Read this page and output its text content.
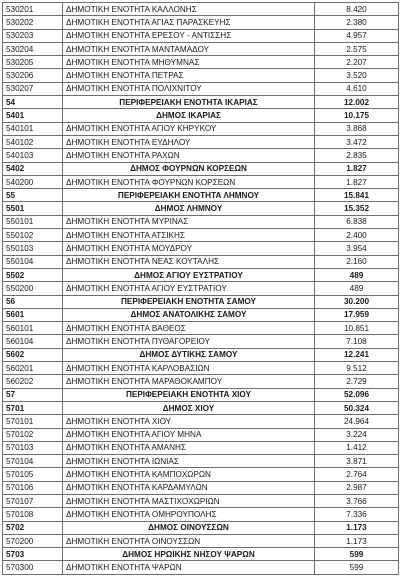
530201	ΔΗΜΟΤΙΚΗ ΕΝΟΤΗΤΑ ΚΑΛΛΟΝΗΣ	8.420
530202	ΔΗΜΟΤΙΚΗ ΕΝΟΤΗΤΑ ΑΓΙΑΣ ΠΑΡΑΣΚΕΥΗΣ	2.380
530203	ΔΗΜΟΤΙΚΗ ΕΝΟΤΗΤΑ ΕΡΕΣΟΥ - ΑΝΤΙΣΣΗΣ	4.957
530204	ΔΗΜΟΤΙΚΗ ΕΝΟΤΗΤΑ ΜΑΝΤΑΜΑΔΟΥ	2.575
530205	ΔΗΜΟΤΙΚΗ ΕΝΟΤΗΤΑ ΜΗΘΥΜΝΑΣ	2.207
530206	ΔΗΜΟΤΙΚΗ ΕΝΟΤΗΤΑ ΠΕΤΡΑΣ	3.520
530207	ΔΗΜΟΤΙΚΗ ΕΝΟΤΗΤΑ ΠΟΛΙΧΝΙΤΟΥ	4.610
54	ΠΕΡΙΦΕΡΕΙΑΚΗ ΕΝΟΤΗΤΑ ΙΚΑΡΙΑΣ	12.002
5401	ΔΗΜΟΣ ΙΚΑΡΙΑΣ	10.175
540101	ΔΗΜΟΤΙΚΗ ΕΝΟΤΗΤΑ ΑΓΙΟΥ ΚΗΡΥΚΟΥ	3.868
540102	ΔΗΜΟΤΙΚΗ ΕΝΟΤΗΤΑ ΕΥΔΗΛΟΥ	3.472
540103	ΔΗΜΟΤΙΚΗ ΕΝΟΤΗΤΑ ΡΑΧΩΝ	2.835
5402	ΔΗΜΟΣ ΦΟΥΡΝΩΝ ΚΟΡΣΕΩΝ	1.827
540200	ΔΗΜΟΤΙΚΗ ΕΝΟΤΗΤΑ ΦΟΥΡΝΩΝ ΚΟΡΣΕΩΝ	1.827
55	ΠΕΡΙΦΕΡΕΙΑΚΗ ΕΝΟΤΗΤΑ ΛΗΜΝΟΥ	15.841
5501	ΔΗΜΟΣ ΛΗΜΝΟΥ	15.352
550101	ΔΗΜΟΤΙΚΗ ΕΝΟΤΗΤΑ ΜΥΡΙΝΑΣ	6.838
550102	ΔΗΜΟΤΙΚΗ ΕΝΟΤΗΤΑ ΑΤΣΙΚΗΣ	2.400
550103	ΔΗΜΟΤΙΚΗ ΕΝΟΤΗΤΑ ΜΟΥΔΡΟΥ	3.954
550104	ΔΗΜΟΤΙΚΗ ΕΝΟΤΗΤΑ ΝΕΑΣ ΚΟΥΤΑΛΗΣ	2.160
5502	ΔΗΜΟΣ ΑΓΙΟΥ ΕΥΣΤΡΑΤΙΟΥ	489
550200	ΔΗΜΟΤΙΚΗ ΕΝΟΤΗΤΑ ΑΓΙΟΥ ΕΥΣΤΡΑΤΙΟΥ	489
56	ΠΕΡΙΦΕΡΕΙΑΚΗ ΕΝΟΤΗΤΑ ΣΑΜΟΥ	30.200
5601	ΔΗΜΟΣ ΑΝΑΤΟΛΙΚΗΣ ΣΑΜΟΥ	17.959
560101	ΔΗΜΟΤΙΚΗ ΕΝΟΤΗΤΑ ΒΑΘΕΟΣ	10.851
560104	ΔΗΜΟΤΙΚΗ ΕΝΟΤΗΤΑ ΠΥΘΑΓΟΡΕΙΟΥ	7.108
5602	ΔΗΜΟΣ ΔΥΤΙΚΗΣ ΣΑΜΟΥ	12.241
560201	ΔΗΜΟΤΙΚΗ ΕΝΟΤΗΤΑ ΚΑΡΛΟΒΑΣΙΩΝ	9.512
560202	ΔΗΜΟΤΙΚΗ ΕΝΟΤΗΤΑ ΜΑΡΑΘΟΚΑΜΠΟΥ	2.729
57	ΠΕΡΙΦΕΡΕΙΑΚΗ ΕΝΟΤΗΤΑ ΧΙΟΥ	52.096
5701	ΔΗΜΟΣ ΧΙΟΥ	50.324
570101	ΔΗΜΟΤΙΚΗ ΕΝΟΤΗΤΑ ΧΙΟΥ	24.964
570102	ΔΗΜΟΤΙΚΗ ΕΝΟΤΗΤΑ ΑΓΙΟΥ ΜΗΝΑ	3.224
570103	ΔΗΜΟΤΙΚΗ ΕΝΟΤΗΤΑ ΑΜΑΝΗΣ	1.412
570104	ΔΗΜΟΤΙΚΗ ΕΝΟΤΗΤΑ ΙΩΝΙΑΣ	3.871
570105	ΔΗΜΟΤΙΚΗ ΕΝΟΤΗΤΑ ΚΑΜΠΟΧΩΡΩΝ	2.764
570106	ΔΗΜΟΤΙΚΗ ΕΝΟΤΗΤΑ ΚΑΡΔΑΜΥΛΩΝ	2.987
570107	ΔΗΜΟΤΙΚΗ ΕΝΟΤΗΤΑ ΜΑΣΤΙΧΟΧΩΡΙΩΝ	3.766
570108	ΔΗΜΟΤΙΚΗ ΕΝΟΤΗΤΑ ΟΜΗΡΟΥΠΟΛΗΣ	7.336
5702	ΔΗΜΟΣ ΟΙΝΟΥΣΣΩΝ	1.173
570200	ΔΗΜΟΤΙΚΗ ΕΝΟΤΗΤΑ ΟΙΝΟΥΣΣΩΝ	1.173
5703	ΔΗΜΟΣ ΗΡΩΙΚΗΣ ΝΗΣΟΥ ΨΑΡΩΝ	599
570300	ΔΗΜΟΤΙΚΗ ΕΝΟΤΗΤΑ ΨΑΡΩΝ	599
